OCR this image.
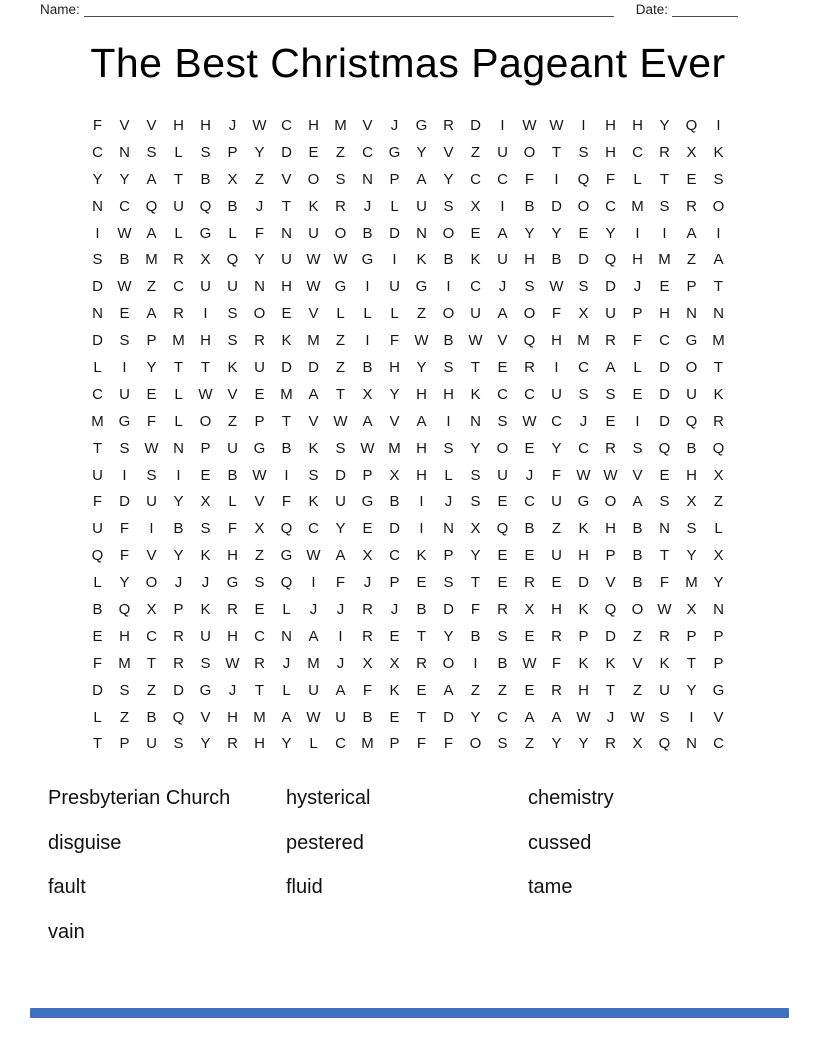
Name:	Date:
The Best Christmas Pageant Ever
F	V	V	H	H	J	W C	H	M	V	J	G	R	D	I	W W	I	H	H	Y	Q	I
C	N	S	L	S	P	Y	D	E	Z	C	G	Y	V	Z	U	O	T	S	H	C	R	X	K
Y	Y	A	T	B	X	Z	V	O	S	N	P	A	Y	C	C	F	I	Q	F	L	T	E	S
N	C	Q	U	Q	B	J	T	K	R	J	L	U	S	X	I	B	D	O	C	M	S	R	O
I	W A	L	G	L	F	N	U	O	B	D	N	O	E	A	Y	Y	E	Y	I	I	A	I
S	B	M	R	X	Q	Y	U W W G	I	K	B	K	U	H	B	D	Q	H	M	Z	A
D W	Z	C	U	U	N	H W G	I	U	G	I	C	J	S W S	D	J	E	P	T
N	E	A	R	I	S	O	E	V	L	L	L	Z	O	U	A	O	F	X	U	P	H	N	N
D	S	P	M	H	S	R	K	M	Z	I	F	W B W V	Q	H	M	R	F	C	G M
L	I	Y	T	T	K	U	D	D	Z	B	H	Y	S	T	E	R	I	C	A	L	D	O	T
C	U	E	L	W V	E	M	A	T	X	Y	H	H	K	C	C	U	S	S	E	D	U	K
M G	F	L	O	Z	P	T	V W A	V	A	I	N	S W C	J	E	I	D	Q	R
T	S W N	P	U	G	B	K	S W M	H	S	Y	O	E	Y	C	R	S	Q	B	Q
U	I	S	I	E	B W	I	S	D	P	X	H	L	S	U	J	F	W W V	E	H	X
F	D	U	Y	X	L	V	F	K	U	G	B	I	J	S	E	C	U	G	O	A	S	X	Z
U	F	I	B	S	F	X	Q	C	Y	E	D	I	N	X	Q	B	Z	K	H	B	N	S	L
Q	F	V	Y	K	H	Z	G W A	X	C	K	P	Y	E	E	U	H	P	B	T	Y	X
L	Y	O	J	J	G	S	Q	I	F	J	P	E	S	T	E	R	E	D	V	B	F	M	Y
B	Q	X	P	K	R	E	L	J	J	R	J	B	D	F	R	X	H	K	Q	O W X	N
E	H	C	R	U	H	C	N	A	I	R	E	T	Y	B	S	E	R	P	D	Z	R	P	P
F	M	T	R	S W R	J	M	J	X	X	R	O	I	B W	F	K	K	V	K	T	P
D	S	Z	D	G	J	T	L	U	A	F	K	E	A	Z	Z	E	R	H	T	Z	U	Y	G
L	Z	B	Q	V	H	M	A W U	B	E	T	D	Y	C	A	A W	J	W S	I	V
T	P	U	S	Y	R	H	Y	L	C	M	P	F	F	O	S	Z	Y	Y	R	X	Q	N	C
Presbyterian Church
disguise
fault
vain
hysterical
pestered
fluid
chemistry
cussed
tame
